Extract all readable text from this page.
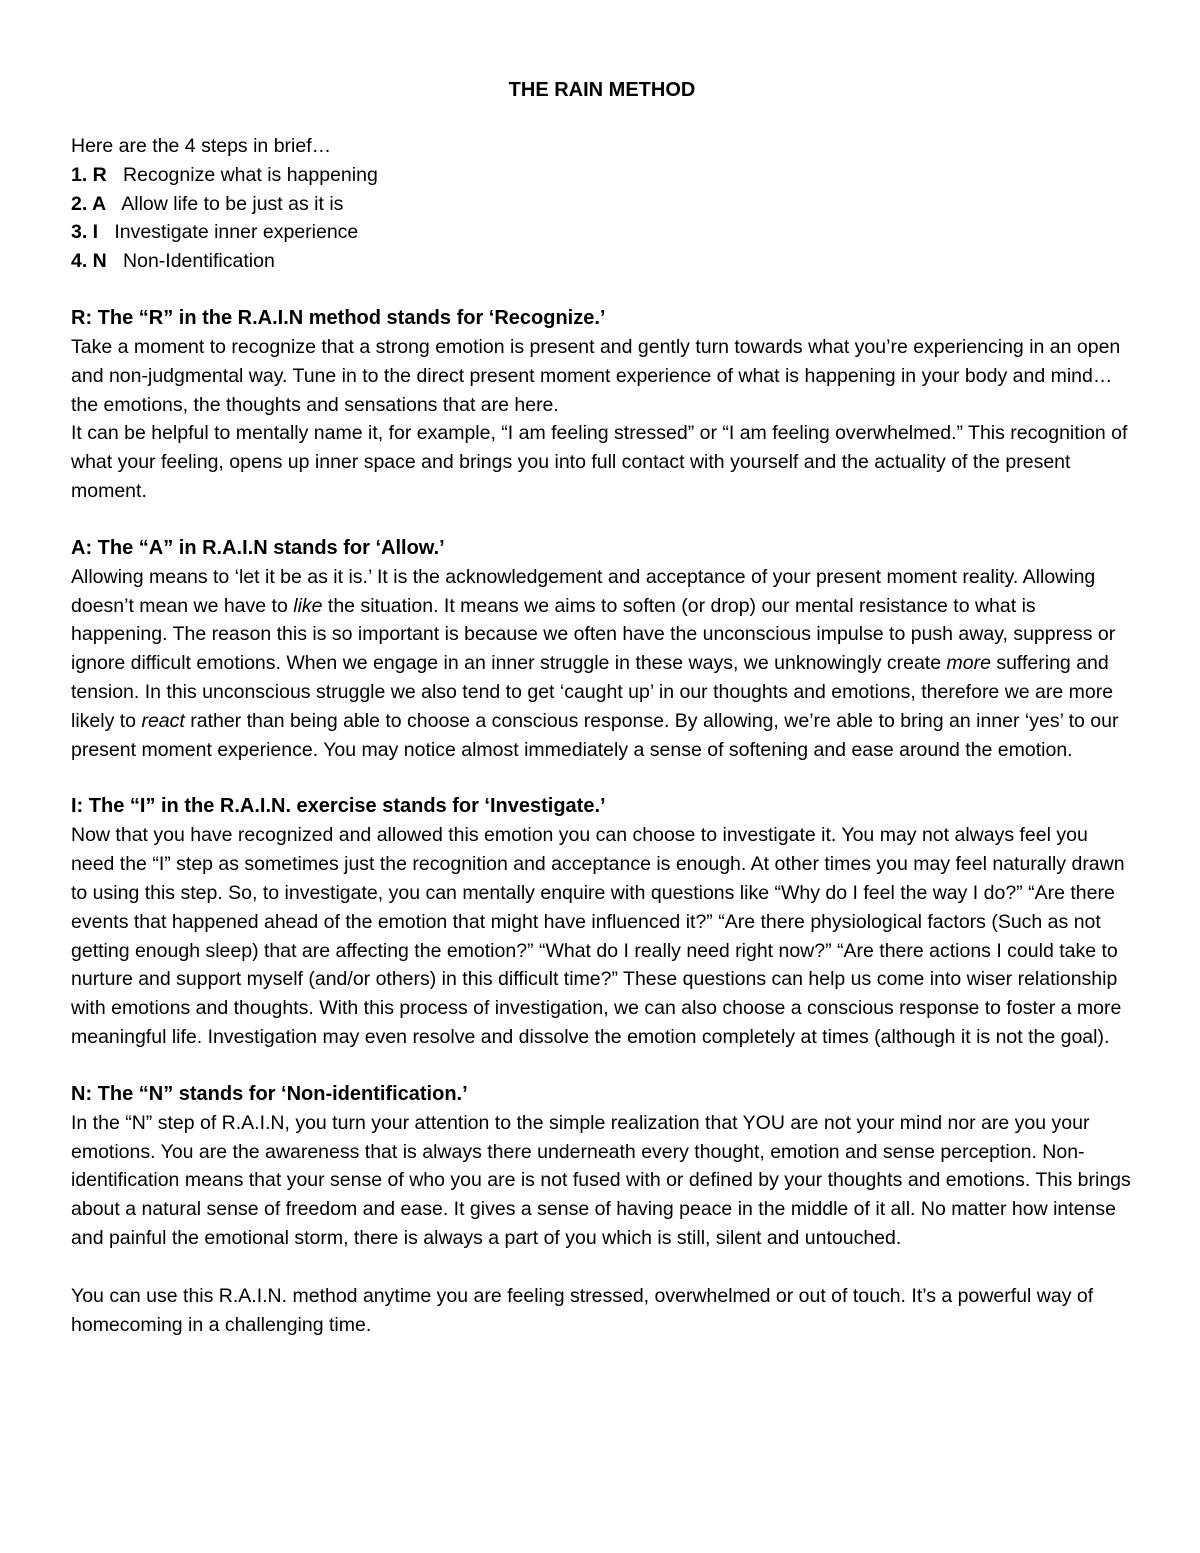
THE RAIN METHOD

Here are the 4 steps in brief…

1. R Recognize what is happening
2. A Allow life to be just as it is
3. I Investigate inner experience
4. N Non-Identification
R: The “R” in the R.A.I.N method stands for ‘Recognize.’

Take a moment to recognize that a strong emotion is present and gently turn towards what you’re experiencing in an open and non-judgmental way. Tune in to the direct present moment experience of what is happening in your body and mind… the emotions, the thoughts and sensations that are here.

It can be helpful to mentally name it, for example, “I am feeling stressed” or “I am feeling overwhelmed.” This recognition of what your feeling, opens up inner space and brings you into full contact with yourself and the actuality of the present moment.

A: The “A” in R.A.I.N stands for ‘Allow.’

Allowing means to ‘let it be as it is.’ It is the acknowledgement and acceptance of your present moment reality. Allowing doesn’t mean we have to like the situation. It means we aims to soften (or drop) our mental resistance to what is happening. The reason this is so important is because we often have the unconscious impulse to push away, suppress or ignore difficult emotions. When we engage in an inner struggle in these ways, we unknowingly create more suffering and tension. In this unconscious struggle we also tend to get ‘caught up’ in our thoughts and emotions, therefore we are more likely to react rather than being able to choose a conscious response. By allowing, we’re able to bring an inner ‘yes’ to our present moment experience. You may notice almost immediately a sense of softening and ease around the emotion.

I: The “I” in the R.A.I.N. exercise stands for ‘Investigate.’

Now that you have recognized and allowed this emotion you can choose to investigate it. You may not always feel you need the “I” step as sometimes just the recognition and acceptance is enough. At other times you may feel naturally drawn to using this step. So, to investigate, you can mentally enquire with questions like “Why do I feel the way I do?” “Are there events that happened ahead of the emotion that might have influenced it?” “Are there physiological factors (Such as not getting enough sleep) that are affecting the emotion?” “What do I really need right now?” “Are there actions I could take to nurture and support myself (and/or others) in this difficult time?” These questions can help us come into wiser relationship with emotions and thoughts. With this process of investigation, we can also choose a conscious response to foster a more meaningful life. Investigation may even resolve and dissolve the emotion completely at times (although it is not the goal).

N: The “N” stands for ‘Non-identification.’

In the “N” step of R.A.I.N, you turn your attention to the simple realization that YOU are not your mind nor are you your emotions. You are the awareness that is always there underneath every thought, emotion and sense perception. Non-identification means that your sense of who you are is not fused with or defined by your thoughts and emotions. This brings about a natural sense of freedom and ease. It gives a sense of having peace in the middle of it all. No matter how intense and painful the emotional storm, there is always a part of you which is still, silent and untouched.

You can use this R.A.I.N. method anytime you are feeling stressed, overwhelmed or out of touch. It’s a powerful way of homecoming in a challenging time.
